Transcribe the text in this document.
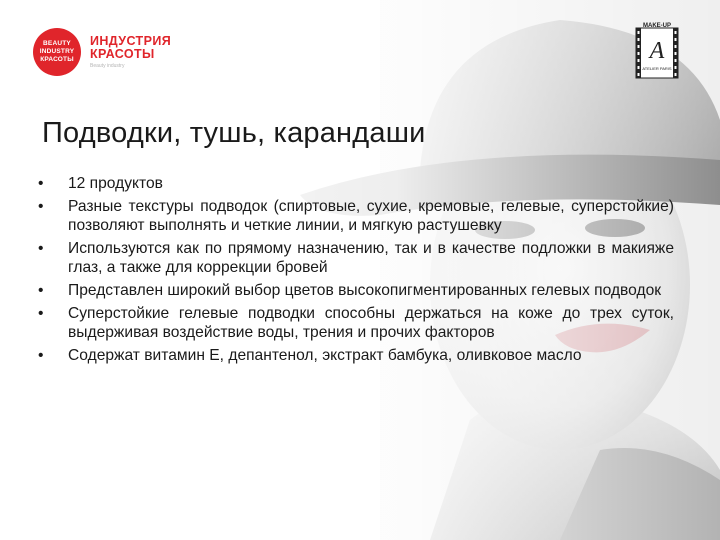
BEAUTY
INDUSTRY
КРАСОТЫ
ИНДУСТРИЯ
КРАСОТЫ
Beauty industry
MAKE-UP
A
ATELIER PARIS
Подводки, тушь, карандаши
• 12 продуктов
• Разные текстуры подводок (спиртовые, сухие, кремовые, гелевые, суперстойкие) позволяют выполнять и четкие линии, и мягкую растушевку
• Используются как по прямому назначению, так и в качестве подложки в макияже глаз, а также для коррекции бровей
• Представлен широкий выбор цветов высокопигментированных гелевых подводок
• Суперстойкие гелевые подводки способны держаться на коже до трех суток, выдерживая воздействие воды, трения и прочих факторов
• Содержат витамин Е, депантенол, экстракт бамбука, оливковое масло
